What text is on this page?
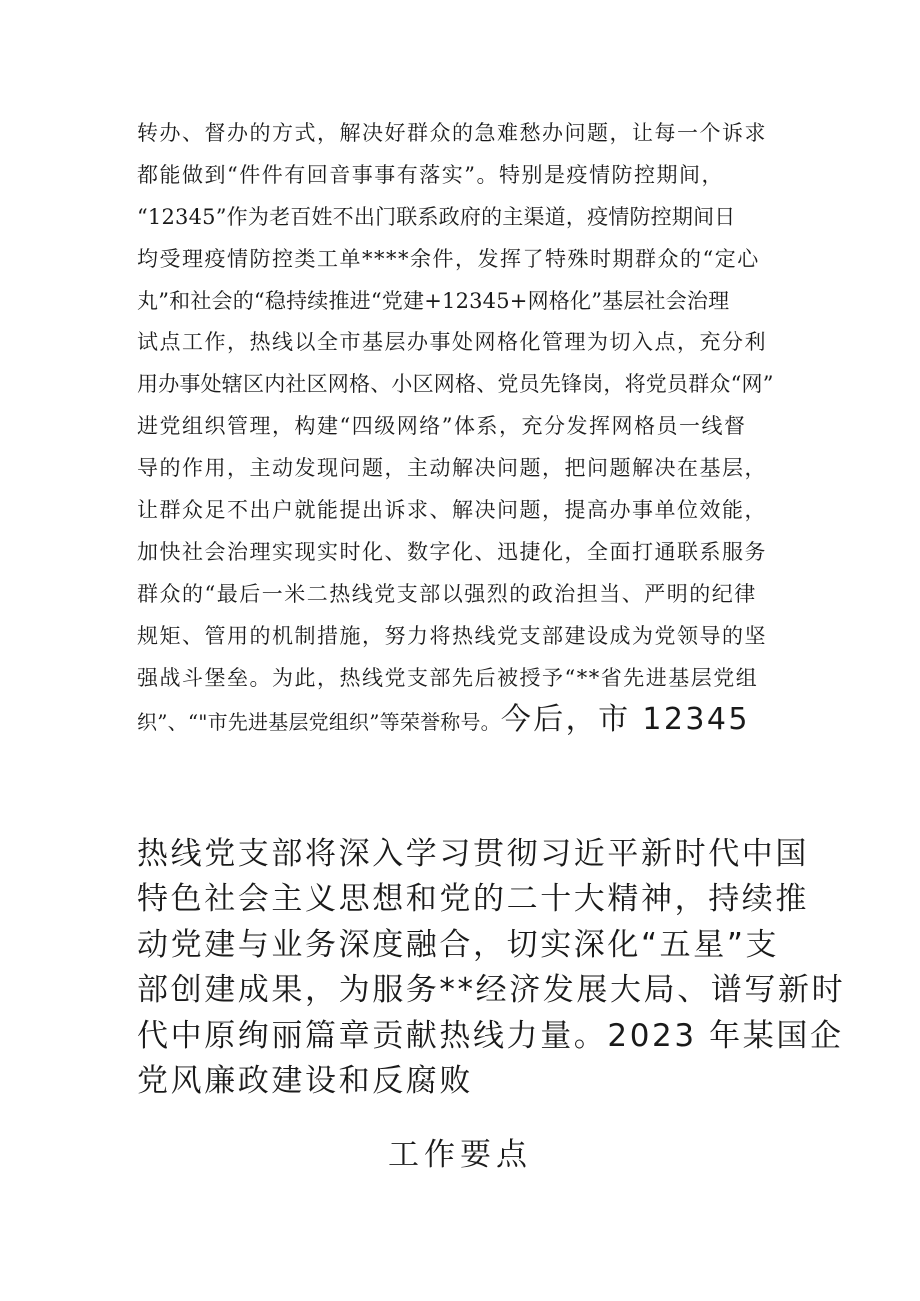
转办、督办的方式，解决好群众的急难愁办问题，让每一个诉求
都能做到“件件有回音事事有落实”。特别是疫情防控期间，
“12345”作为老百姓不出门联系政府的主渠道，疫情防控期间日
均受理疫情防控类工单****余件，发挥了特殊时期群众的“定心
丸”和社会的“稳持续推进“党建+12345+网格化”基层社会治理
试点工作，热线以全市基层办事处网格化管理为切入点，充分利
用办事处辖区内社区网格、小区网格、党员先锋岗，将党员群众“网”
进党组织管理，构建“四级网络”体系，充分发挥网格员一线督
导的作用，主动发现问题，主动解决问题，把问题解决在基层，
让群众足不出户就能提出诉求、解决问题，提高办事单位效能，
加快社会治理实现实时化、数字化、迅捷化，全面打通联系服务
群众的“最后一米二热线党支部以强烈的政治担当、严明的纪律
规矩、管用的机制措施，努力将热线党支部建设成为党领导的坚
强战斗堡垒。为此，热线党支部先后被授予“**省先进基层党组
织”、“"市先进基层党组织”等荣誉称号。今后，市 12345
热线党支部将深入学习贯彻习近平新时代中国
特色社会主义思想和党的二十大精神，持续推
动党建与业务深度融合，切实深化“五星”支
部创建成果，为服务**经济发展大局、谱写新时
代中原绚丽篇章贡献热线力量。2023 年某国企
党风廉政建设和反腐败
工作要点
